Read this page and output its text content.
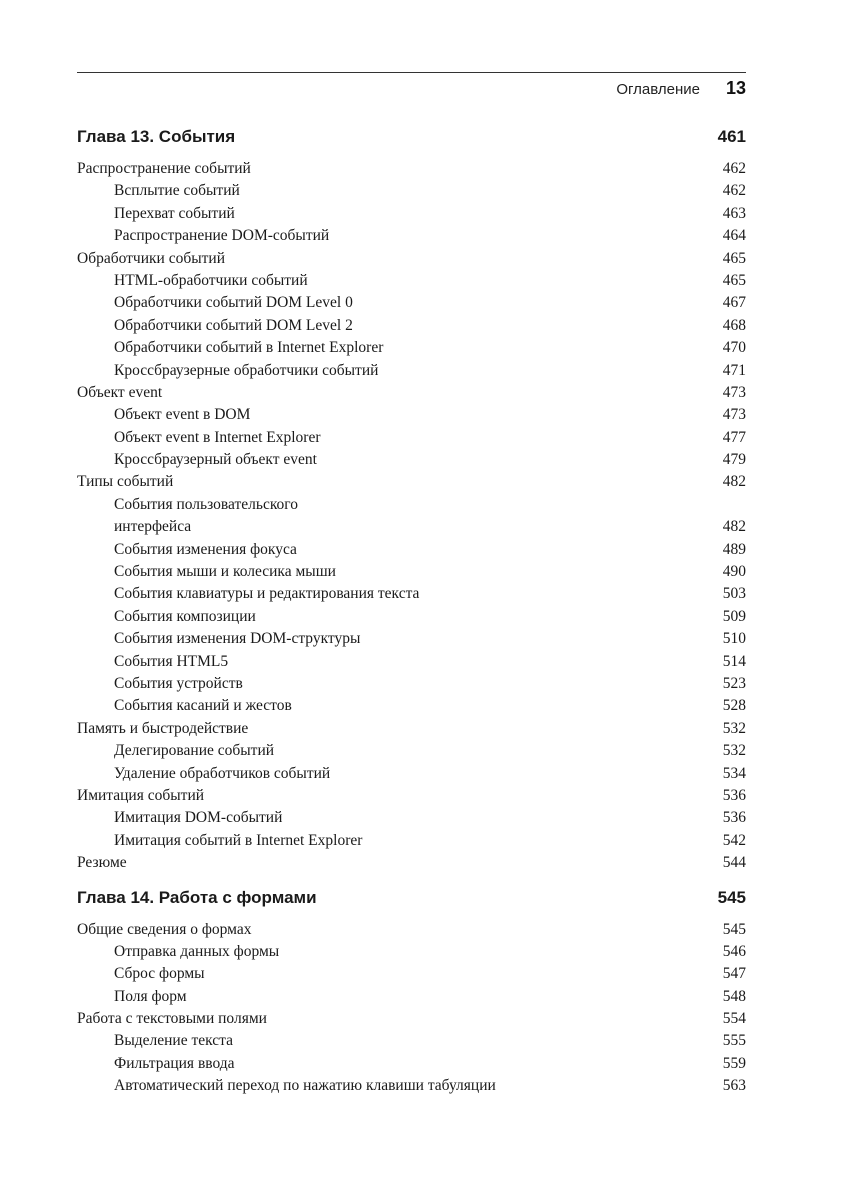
Оглавление 13
Глава 13. События	461
Распространение событий	462
Всплытие событий	462
Перехват событий	463
Распространение DOM-событий	464
Обработчики событий	465
HTML-обработчики событий	465
Обработчики событий DOM Level 0	467
Обработчики событий DOM Level 2	468
Обработчики событий в Internet Explorer	470
Кроссбраузерные обработчики событий	471
Объект event	473
Объект event в DOM	473
Объект event в Internet Explorer	477
Кроссбраузерный объект event	479
Типы событий	482
События пользовательского
интерфейса	482
События изменения фокуса	489
События мыши и колесика мыши	490
События клавиатуры и редактирования текста	503
События композиции	509
События изменения DOM-структуры	510
События HTML5	514
События устройств	523
События касаний и жестов	528
Память и быстродействие	532
Делегирование событий	532
Удаление обработчиков событий	534
Имитация событий	536
Имитация DOM-событий	536
Имитация событий в Internet Explorer	542
Резюме	544
Глава 14. Работа с формами	545
Общие сведения о формах	545
Отправка данных формы	546
Сброс формы	547
Поля форм	548
Работа с текстовыми полями	554
Выделение текста	555
Фильтрация ввода	559
Автоматический переход по нажатию клавиши табуляции	563
